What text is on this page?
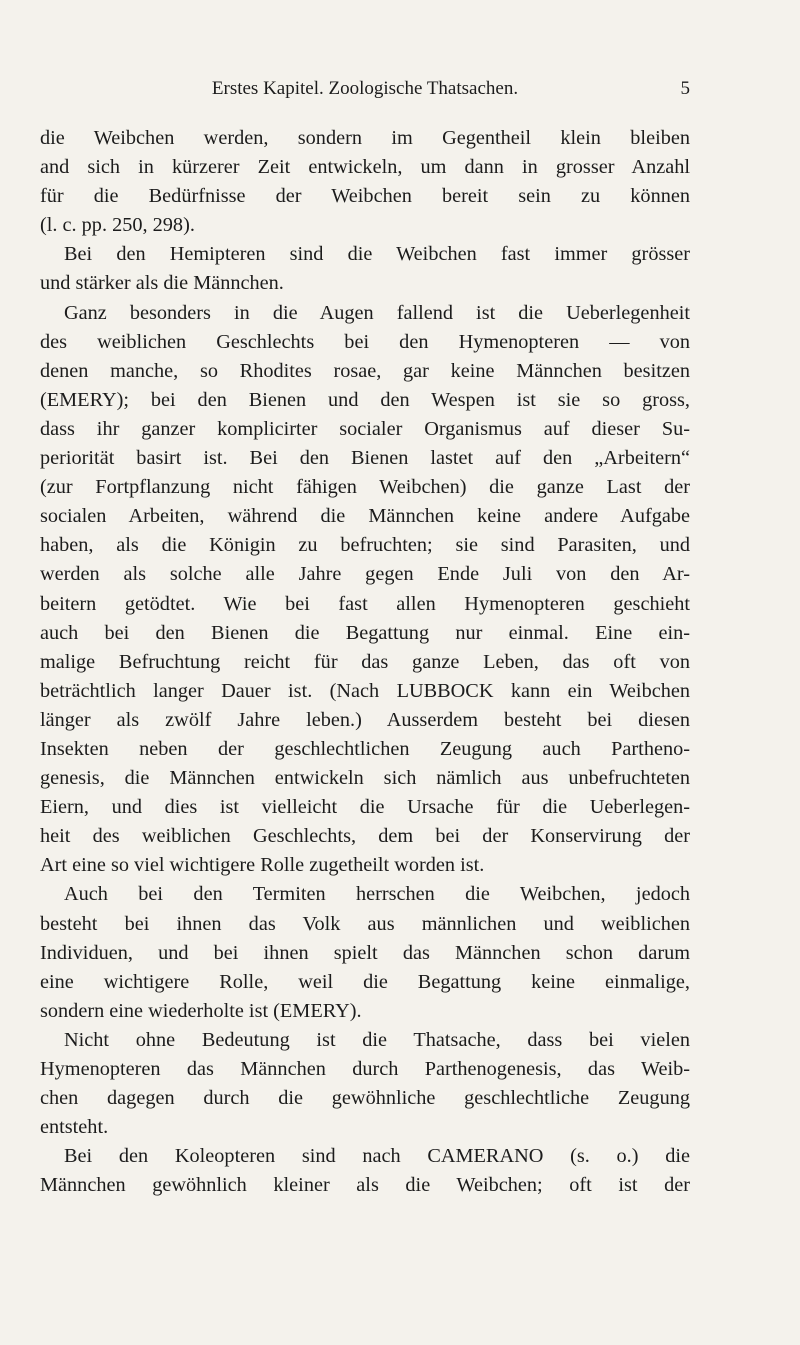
Erstes Kapitel. Zoologische Thatsachen.	5
die Weibchen werden, sondern im Gegentheil klein bleiben
and sich in kürzerer Zeit entwickeln, um dann in grosser Anzahl
für die Bedürfnisse der Weibchen bereit sein zu können
(l. c. pp. 250, 298).
Bei den Hemipteren sind die Weibchen fast immer grösser
und stärker als die Männchen.
Ganz besonders in die Augen fallend ist die Ueberlegenheit
des weiblichen Geschlechts bei den Hymenopteren — von
denen manche, so Rhodites rosae, gar keine Männchen besitzen
(EMERY); bei den Bienen und den Wespen ist sie so gross,
dass ihr ganzer komplicirter socialer Organismus auf dieser Su-
periorität basirt ist. Bei den Bienen lastet auf den „Arbeitern“
(zur Fortpflanzung nicht fähigen Weibchen) die ganze Last der
socialen Arbeiten, während die Männchen keine andere Aufgabe
haben, als die Königin zu befruchten; sie sind Parasiten, und
werden als solche alle Jahre gegen Ende Juli von den Ar-
beitern getödtet. Wie bei fast allen Hymenopteren geschieht
auch bei den Bienen die Begattung nur einmal. Eine ein-
malige Befruchtung reicht für das ganze Leben, das oft von
beträchtlich langer Dauer ist. (Nach LUBBOCK kann ein Weibchen
länger als zwölf Jahre leben.) Ausserdem besteht bei diesen
Insekten neben der geschlechtlichen Zeugung auch Partheno-
genesis, die Männchen entwickeln sich nämlich aus unbefruchteten
Eiern, und dies ist vielleicht die Ursache für die Ueberlegen-
heit des weiblichen Geschlechts, dem bei der Konservirung der
Art eine so viel wichtigere Rolle zugetheilt worden ist.
Auch bei den Termiten herrschen die Weibchen, jedoch
besteht bei ihnen das Volk aus männlichen und weiblichen
Individuen, und bei ihnen spielt das Männchen schon darum
eine wichtigere Rolle, weil die Begattung keine einmalige,
sondern eine wiederholte ist (EMERY).
Nicht ohne Bedeutung ist die Thatsache, dass bei vielen
Hymenopteren das Männchen durch Parthenogenesis, das Weib-
chen dagegen durch die gewöhnliche geschlechtliche Zeugung
entsteht.
Bei den Koleopteren sind nach CAMERANO (s. o.) die
Männchen gewöhnlich kleiner als die Weibchen; oft ist der
